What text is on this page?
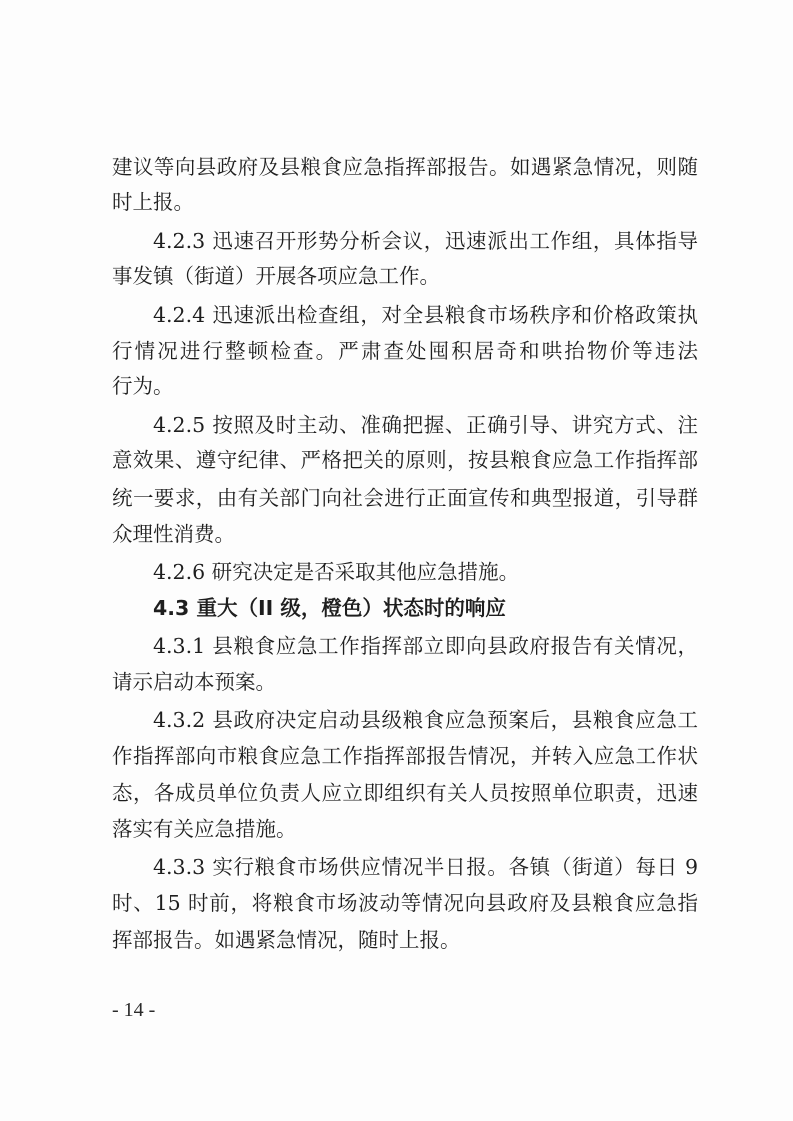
建议等向县政府及县粮食应急指挥部报告。如遇紧急情况，则随
时上报。
4.2.3 迅速召开形势分析会议，迅速派出工作组，具体指导
事发镇（街道）开展各项应急工作。
4.2.4 迅速派出检查组，对全县粮食市场秩序和价格政策执
行情况进行整顿检查。严肃查处囤积居奇和哄抬物价等违法
行为。
4.2.5 按照及时主动、准确把握、正确引导、讲究方式、注
意效果、遵守纪律、严格把关的原则，按县粮食应急工作指挥部
统一要求，由有关部门向社会进行正面宣传和典型报道，引导群
众理性消费。
4.2.6 研究决定是否采取其他应急措施。
4.3 重大（II 级，橙色）状态时的响应
4.3.1 县粮食应急工作指挥部立即向县政府报告有关情况，
请示启动本预案。
4.3.2 县政府决定启动县级粮食应急预案后，县粮食应急工
作指挥部向市粮食应急工作指挥部报告情况，并转入应急工作状
态，各成员单位负责人应立即组织有关人员按照单位职责，迅速
落实有关应急措施。
4.3.3 实行粮食市场供应情况半日报。各镇（街道）每日 9
时、15 时前，将粮食市场波动等情况向县政府及县粮食应急指
挥部报告。如遇紧急情况，随时上报。
- 14 -
